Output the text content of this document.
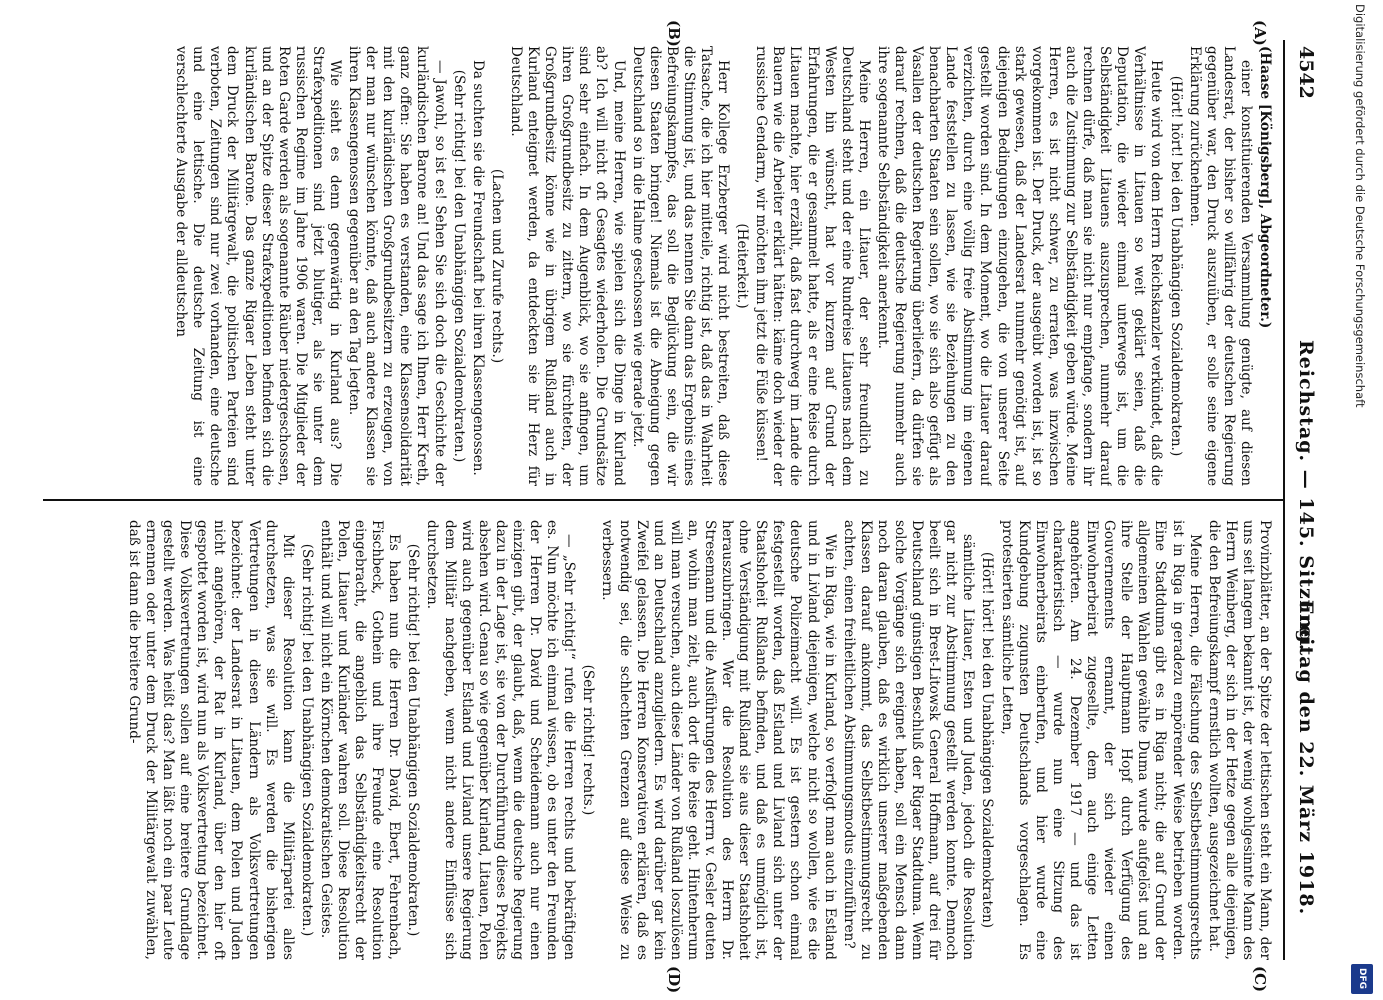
4542
Reichstag. — 145. Sitzung.
Freitag den 22. März 1918.
(A)
(B)
(D)	(C)

(Haase [Königsberg], Abgeordneter.)

einer konstituierenden Versammlung genügte, auf diesen Landesrat, der bisher so willfährig der deutschen Regierung gegenüber war, den Druck auszuüben, er solle seine eigene Erklärung zurücknehmen.

(Hört! hört! bei den Unabhängigen Sozialdemokraten.)

Heute wird von dem Herrn Reichskanzler verkündet, daß die Verhältnisse in Litauen so weit geklärt seien, daß die Deputation, die wieder einmal unterwegs ist, um die Selbständigkeit Litauens auszusprechen, nunmehr darauf rechnen dürfe, daß man sie nicht nur empfange, sondern ihr auch die Zustimmung zur Selbständigkeit geben würde. Meine Herren, es ist nicht schwer, zu erraten, was inzwischen vorgekommen ist. Der Druck, der ausgeübt worden ist, ist so stark gewesen, daß der Landesrat nunmehr genötigt ist, auf diejenigen Bedingungen einzugehen, die von unserer Seite gestellt worden sind. In dem Moment, wo die Litauer darauf verzichten, durch eine völlig freie Abstimmung im eigenen Lande feststellen zu lassen, wie sie Beziehungen zu den benachbarten Staaten sein sollen, wo sie sich also gefügt als Vasallen der deutschen Regierung überliefern, da dürfen sie darauf rechnen, daß die deutsche Regierung nunmehr auch ihre sogenannte Selbständigkeit anerkennt.

Meine Herren, ein Litauer, der sehr freundlich zu Deutschland steht und der eine Rundreise Litauens nach dem Westen hin wünscht, hat vor kurzem auf Grund der Erfahrungen, die er gesammelt hatte, als er eine Reise durch Litauen machte, hier erzählt, daß fast durchweg im Lande die Bauern wie die Arbeiter erklärt hätten: käme doch wieder der russische Gendarm, wir möchten ihm jetzt die Füße küssen!

(Heiterkeit.)

Herr Kollege Erzberger wird nicht bestreiten, daß diese Tatsache, die ich hier mitteile, richtig ist, daß das in Wahrheit die Stimmung ist, und das nennen Sie dann das Ergebnis eines Befreiungskampfes, das soll die Beglückung sein, die wir diesen Staaten bringen! Niemals ist die Abneigung gegen Deutschland so in die Halme geschossen wie gerade jetzt.

Und, meine Herren, wie spielen sich die Dinge in Kurland ab? Ich will nicht oft Gesagtes wiederholen. Die Grundsätze sind sehr einfach. In dem Augenblick, wo sie anfingen, um ihren Großgrundbesitz zu zittern, wo sie fürchteten, der Großgrundbesitz könne wie in übrigem Rußland auch in Kurland enteignet werden, da entdeckten sie ihr Herz für Deutschland.

(Lachen und Zurufe rechts.)

Da suchten sie die Freundschaft bei ihren Klassengenossen.

(Sehr richtig! bei den Unabhängigen Sozialdemokraten.)

— Jawohl, so ist es! Sehen Sie sich doch die Geschichte der kurländischen Barone an! Und das sage ich Ihnen, Herr Kreth, ganz offen: Sie haben es verstanden, eine Klassensolidarität mit den kurländischen Großgrundbesitzern zu erzeugen, von der man nur wünschen könnte, daß auch andere Klassen sie ihren Klassengenossen gegenüber an den Tag legten.

Wie sieht es denn gegenwärtig in Kurland aus? Die Strafexpeditionen sind jetzt blutiger, als sie unter dem russischen Regime im Jahre 1906 waren. Die Mitglieder der Roten Garde werden als sogenannte Räuber niedergeschossen, und an der Spitze dieser Strafexpeditionen befinden sich die kurländischen Barone. Das ganze Rigaer Leben steht unter dem Druck der Militärgewalt, die politischen Parteien sind verboten, Zeitungen sind nur zwei vorhanden, eine deutsche und eine lettische. Die deutsche Zeitung ist eine verschlechterte Ausgabe der alldeutschen

Provinzblätter, an der Spitze der lettischen steht ein Mann, der uns seit langem bekannt ist, der wenig wohlgesinnte Mann des Herrn Weinberg, der sich in der Hetze gegen alle diejenigen, die den Befreiungskampf ernstlich wollten, ausgezeichnet hat.

Meine Herren, die Fälschung des Selbstbestimmungsrechts ist in Riga in geradezu empörender Weise betrieben worden. Eine Stadtduma gibt es in Riga nicht; die auf Grund der allgemeinen Wahlen gewählte Duma wurde aufgelöst und an ihre Stelle der Hauptmann Hopf durch Verfügung des Gouvernements ernannt, der sich wieder einen Einwohnerbeirat zugesellte, dem auch einige Letten angehörten. Am 24. Dezember 1917 — und das ist charakteristisch — wurde nun eine Sitzung des Einwohnerbeirats einberufen, und hier wurde eine Kundgebung zugunsten Deutschlands vorgeschlagen. Es protestierten sämtliche Letten,

(Hört! hört! bei den Unabhängigen Sozialdemokraten)

sämtliche Litauer, Esten und Juden, jedoch die Resolution gar nicht zur Abstimmung gestellt werden konnte. Dennoch beeilt sich in Brest-Litowsk General Hoffmann, auf drei für Deutschland günstigen Beschluß der Rigaer Stadtduma. Wenn solche Vorgänge sich ereignet haben, soll ein Mensch dann noch daran glauben, daß es wirklich unserer maßgebenden Klassen darauf ankommt, das Selbstbestimmungsrecht zu achten, einen freiheitlichen Abstimmungsmodus einzuführen?

Wie in Riga, wie in Kurland, so verfolgt man auch in Estland und in Livland diejenigen, welche nicht so wollen, wie es die deutsche Polizeimacht will. Es ist gestern schon einmal festgestellt worden, daß Estland und Livland sich unter der Staatshoheit Rußlands befinden, und daß es unmöglich ist, ohne Verständigung mit Rußland sie aus dieser Staatshoheit herauszubringen. Wer die Resolution des Herrn Dr. Stresemann und die Ausführungen des Herrn v. Gesler deuten an, wohin man zielt, auch dort die Reise geht. Hintenherum will man versuchen, auch diese Länder von Rußland loszulösen und an Deutschland anzugliedern. Es wird darüber gar kein Zweifel gelassen. Die Herren Konservativen erklären, daß es notwendig sei, die schlechten Grenzen auf diese Weise zu verbessern.

(Sehr richtig! rechts.)

— „Sehr richtig!“ rufen die Herren rechts und bekräftigen es. Nun möchte ich einmal wissen, ob es unter den Freunden der Herren Dr. David und Scheidemann auch nur einen einzigen gibt, der glaubt, daß, wenn die deutsche Regierung dazu in der Lage ist, sie von der Durchführung dieses Projekts absehen wird. Genau so wie gegenüber Kurland, Litauen, Polen wird auch gegenüber Estland und Livland unsere Regierung dem Militär nachgeben, wenn nicht andere Einflüsse sich durchsetzen.

(Sehr richtig! bei den Unabhängigen Sozialdemokraten.)

Es haben nun die Herren Dr. David, Ebert, Fehrenbach, Fischbeck, Gothein und ihre Freunde eine Resolution eingebracht, die angeblich das Selbständigkeitsrecht der Polen, Litauer und Kurländer wahren soll. Diese Resolution enthält und will nicht ein Körnchen demokratischen Geistes.

(Sehr richtig! bei den Unabhängigen Sozialdemokraten.)

Mit dieser Resolution kann die Militärpartei alles durchsetzen, was sie will. Es werden die bisherigen Vertretungen in diesen Ländern als Volksvertretungen bezeichnet: der Landesrat in Litauen, dem Polen und Juden nicht angehören, der Rat in Kurland, über den hier oft gespottet worden ist, wird nun als Volksvertretung bezeichnet. Diese Volksvertretungen sollen auf eine breitere Grundlage gestellt werden. Was heißt das? Man läßt noch ein paar Leute ernennen oder unter dem Druck der Militärgewalt zuwählen, daß ist dann die breitere Grund-

Digitalisierung gefördert durch die Deutsche Forschungsgemeinschaft
DFG
